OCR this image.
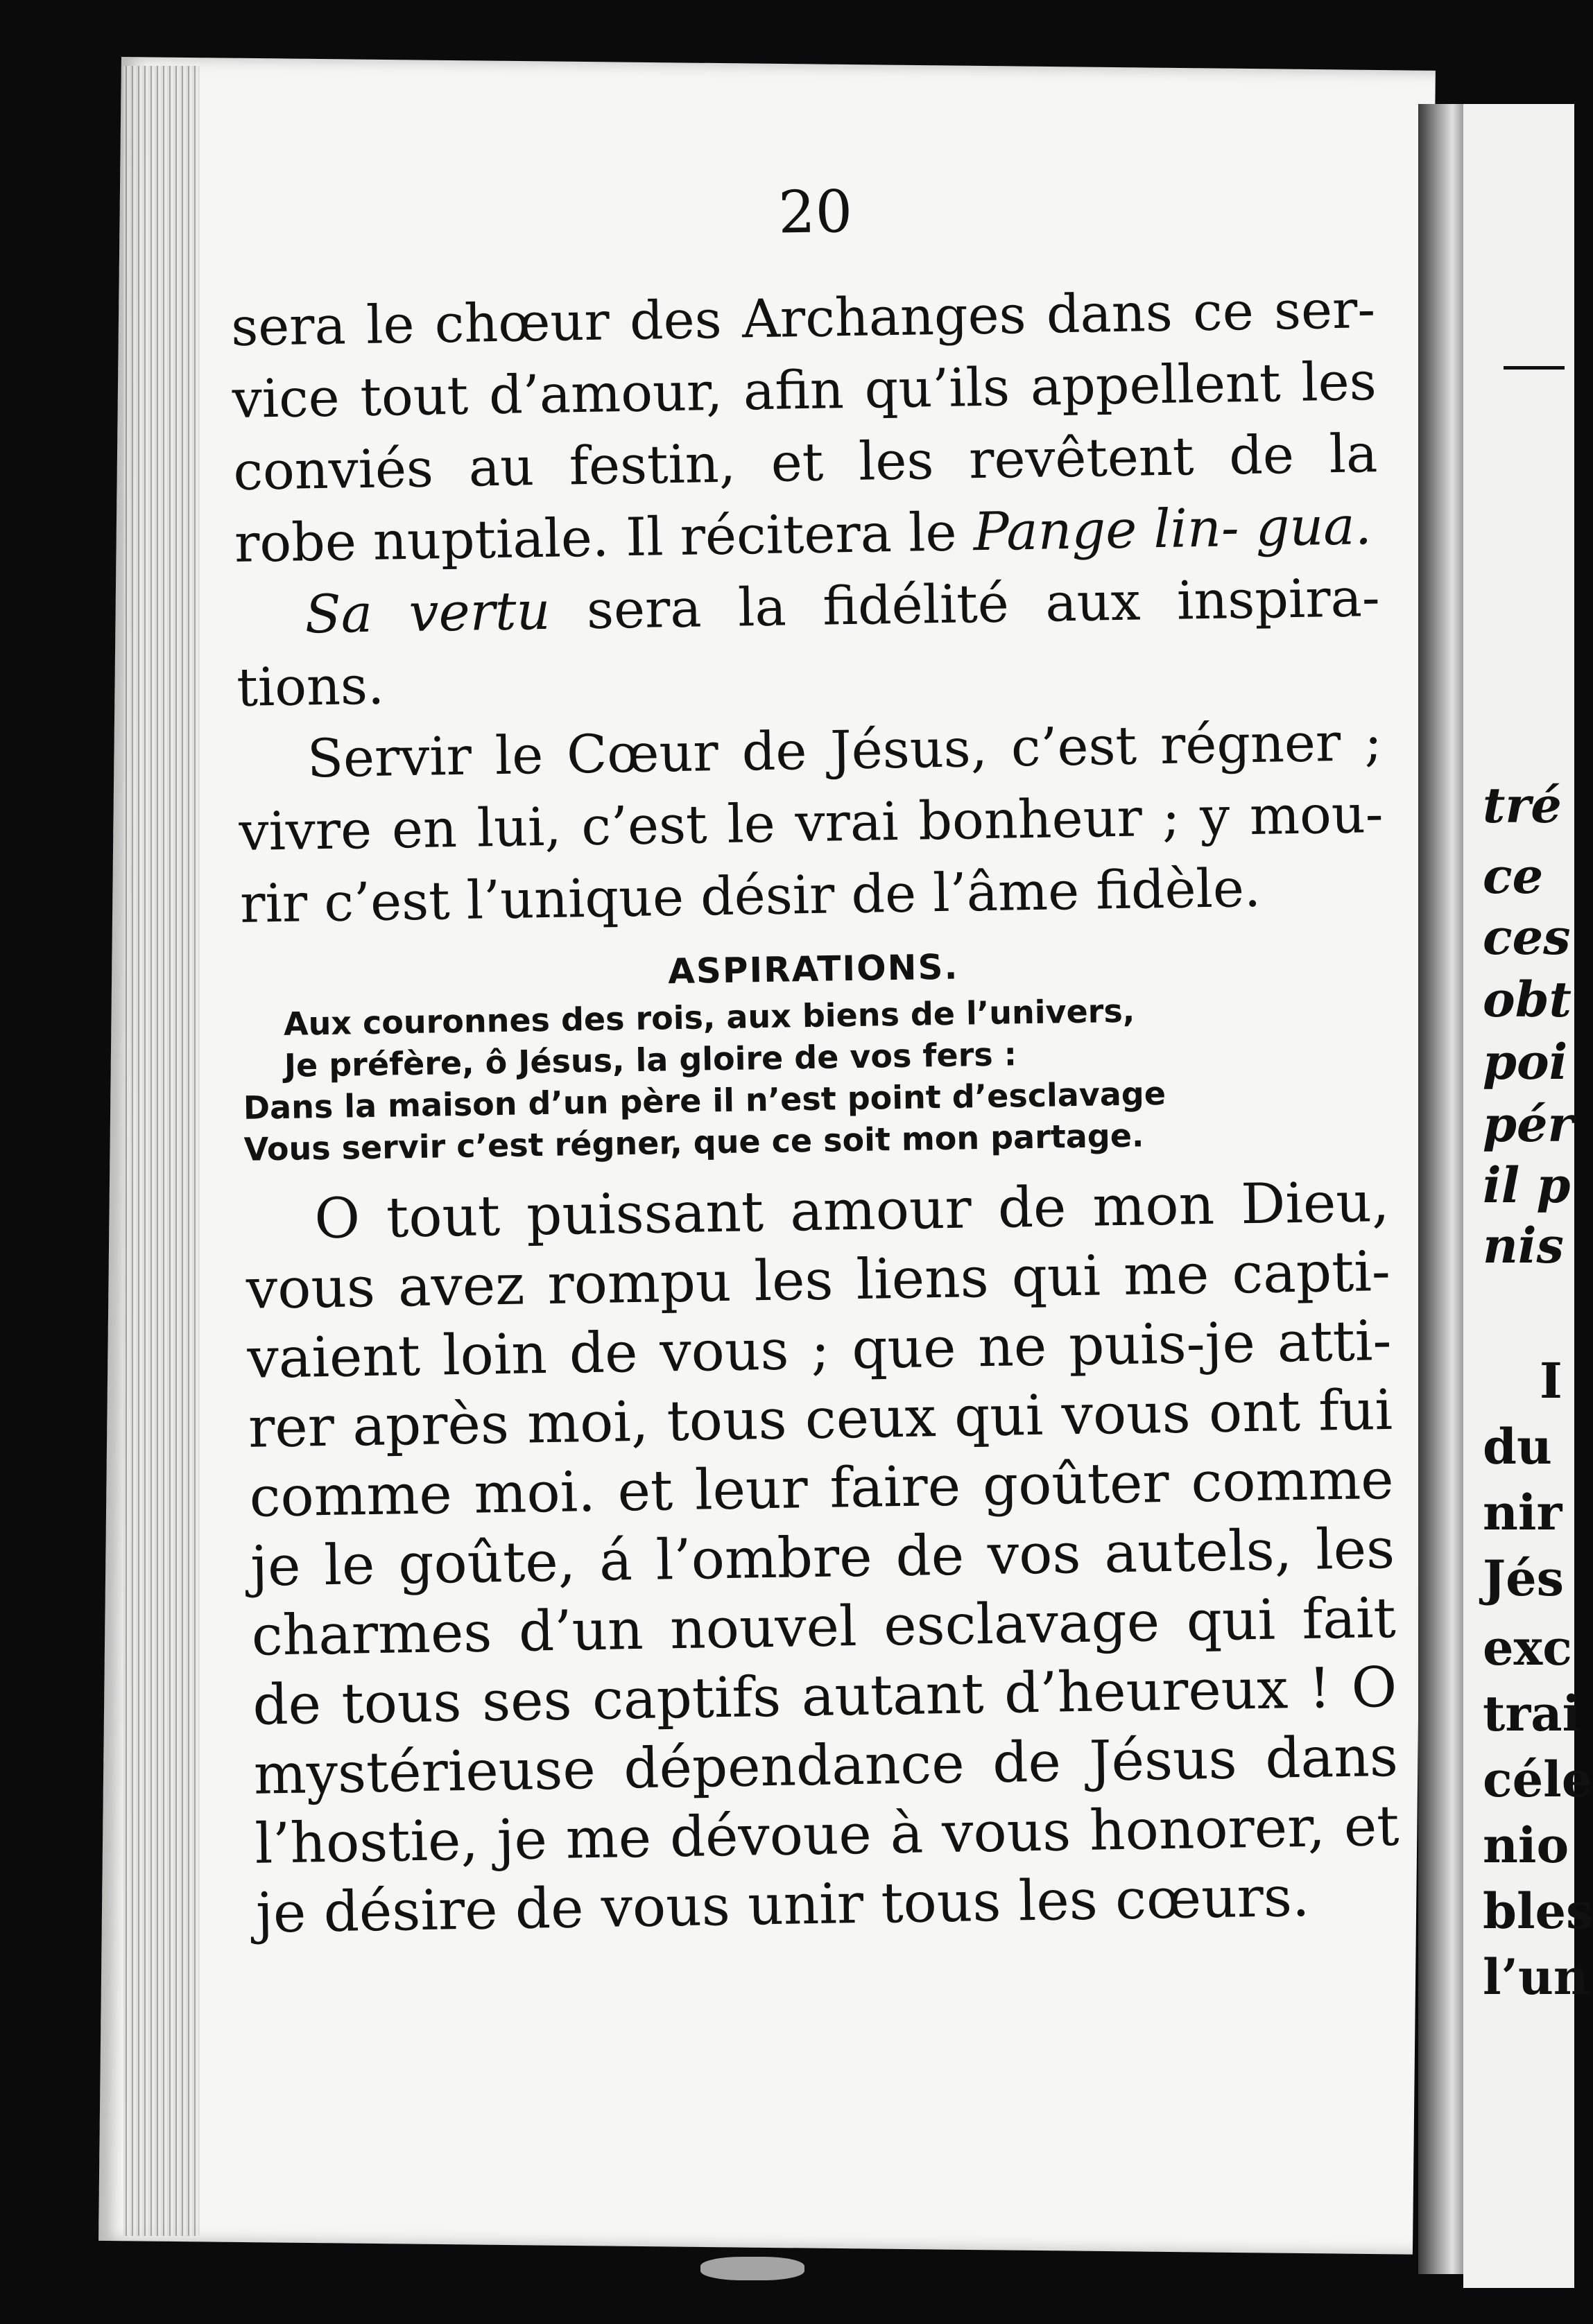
tré
ce
ces
obt
poi
pér
il p
nis
I
du
nir
Jés
exc
trai
céle
nio
bles
l’un
20

sera le chœur des Archanges dans ce ser- vice tout d’amour, afin qu’ils appellent les conviés au festin, et les revêtent de la robe nuptiale. Il récitera le Pange lin- gua.

Sa vertu sera la fidélité aux inspira-tions.

Servir le Cœur de Jésus, c’est régner ; vivre en lui, c’est le vrai bonheur ; y mou-rir c’est l’unique désir de l’âme fidèle.

ASPIRATIONS.

Aux couronnes des rois, aux biens de l’univers,

Je préfère, ô Jésus, la gloire de vos fers :

Dans la maison d’un père il n’est point d’esclavage

Vous servir c’est régner, que ce soit mon partage.

O tout puissant amour de mon Dieu, vous avez rompu les liens qui me capti- vaient loin de vous ; que ne puis-je atti- rer après moi, tous ceux qui vous ont fui comme moi. et leur faire goûter comme je le goûte, á l’ombre de vos autels, les charmes d’un nouvel esclavage qui fait de tous ses captifs autant d’heureux ! O mystérieuse dépendance de Jésus dans l’hostie, je me dévoue à vous honorer, et je désire de vous unir tous les cœurs.
